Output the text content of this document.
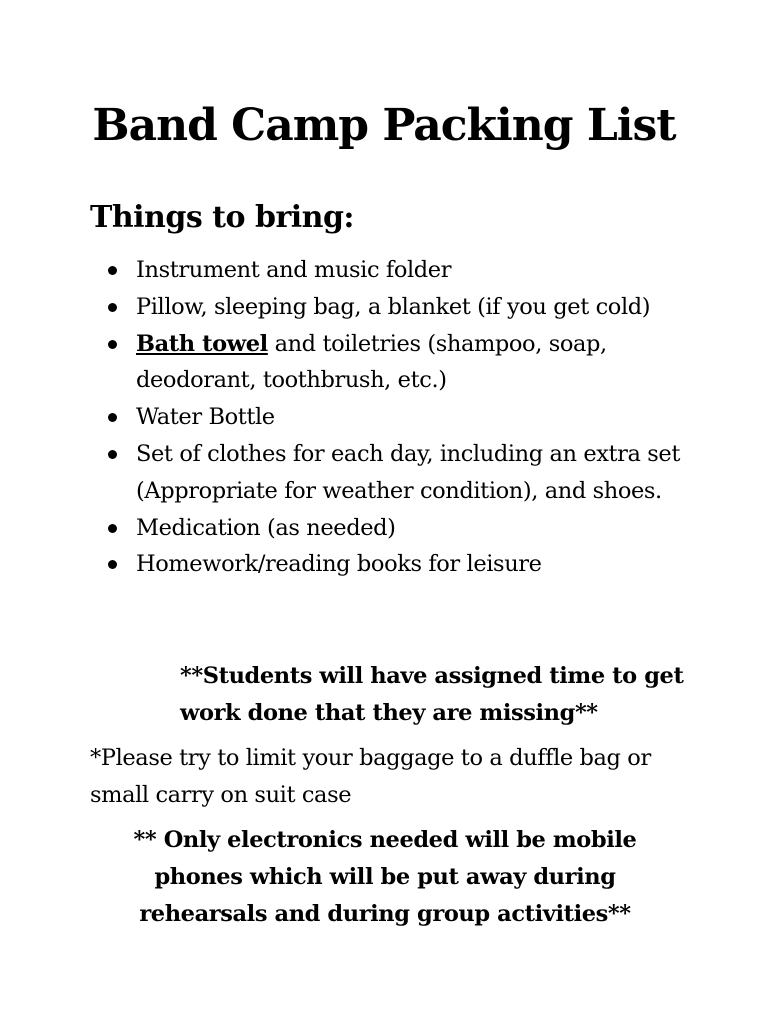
Band Camp Packing List
Things to bring:
Instrument and music folder
Pillow, sleeping bag, a blanket (if you get cold)
Bath towel and toiletries (shampoo, soap, deodorant, toothbrush, etc.)
Water Bottle
Set of clothes for each day, including an extra set (Appropriate for weather condition), and shoes.
Medication (as needed)
Homework/reading books for leisure
**Students will have assigned time to get work done that they are missing**
*Please try to limit your baggage to a duffle bag or small carry on suit case
** Only electronics needed will be mobile phones which will be put away during rehearsals and during group activities**
